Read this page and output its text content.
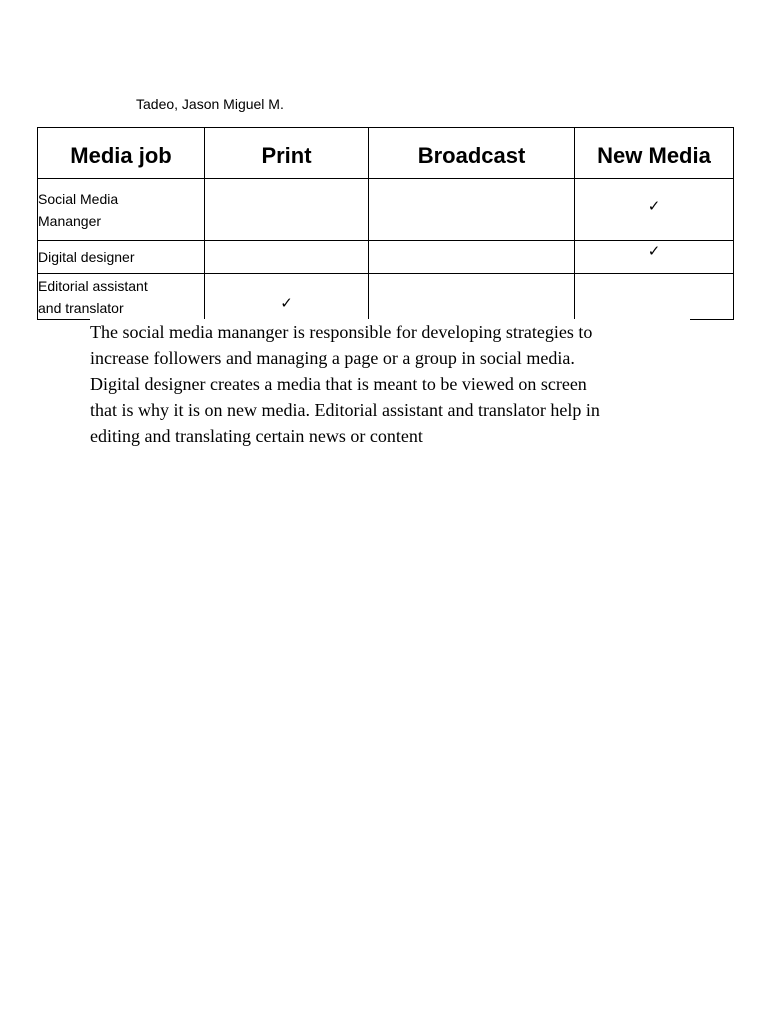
Tadeo, Jason Miguel M.
Media job	Print	Broadcast	New Media
Social Media
Mananger			✓
Digital designer			✓
Editorial assistant
and translator	✓		
The social media mananger is responsible for developing strategies to
increase followers and managing a page or a group in social media.
Digital designer creates a media that is meant to be viewed on screen
that is why it is on new media. Editorial assistant and translator help in
editing and translating certain news or content
